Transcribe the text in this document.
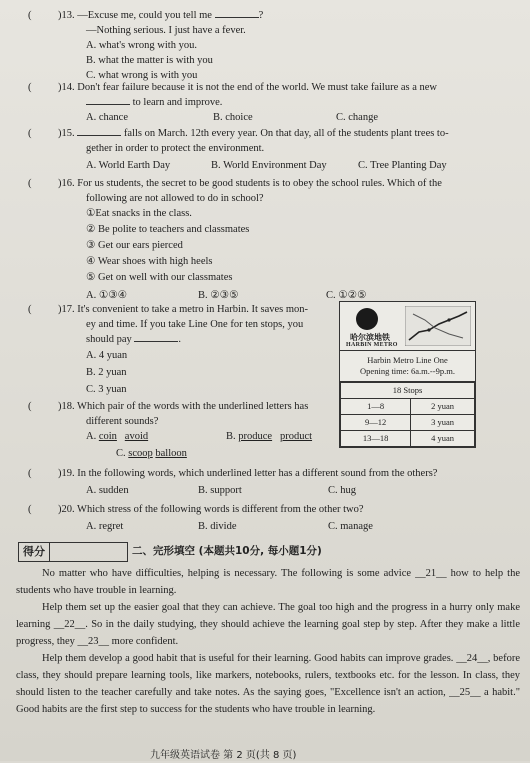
(	)13. —Excuse me, could you tell me	?
—Nothing serious. I just have a fever.
A. what's wrong with you.
B. what the matter is with you
C. what wrong is with you
(	)14. Don't fear failure because it is not the end of the world. We must take failure as a new
to learn and improve.
A. chance	B. choice	C. change
(	)15.	falls on March. 12th every year. On that day, all of the students plant trees to-
gether in order to protect the environment.
A. World Earth Day	B. World Environment Day	C. Tree Planting Day
(	)16. For us students, the secret to be good students is to obey the school rules. Which of the
following are not allowed to do in school?
①Eat snacks in the class.
② Be polite to teachers and classmates
③ Get our ears pierced
④ Wear shoes with high heels
⑤ Get on well with our classmates
A. ①③④	B. ②③⑤	C. ①②⑤
(	)17. It's convenient to take a metro in Harbin. It saves mon-
ey and time. If you take Line One for ten stops, you
should pay	.
A. 4 yuan
B. 2 yuan
C. 3 yuan
哈尔滨地铁
HARBIN METRO
Harbin Metro Line One
Opening time: 6a.m.--9p.m.
18 Stops	
1—8	2 yuan
9—12	3 yuan
13—18	4 yuan
(	)18. Which pair of the words with the underlined letters has
different sounds?
A. coin avoid	B. produce product
C. scoop balloon
(	)19. In the following words, which underlined letter has a different sound from the others?
A. sudden	B. support	C. hug
(	)20. Which stress of the following words is different from the other two?
A. regret	B. divide	C. manage
得分	二、完形填空 (本题共10分, 每小题1分)

No matter who have difficulties, helping is necessary. The following is some advice __21__ how to help the students who have trouble in learning.

Help them set up the easier goal that they can achieve. The goal too high and the progress in a hurry only make learning __22__. So in the daily studying, they should achieve the learning goal step by step. After they make a little progress, they __23__ more confident.

Help them develop a good habit that is useful for their learning. Good habits can improve grades. __24__, before class, they should prepare learning tools, like markers, notebooks, rulers, textbooks etc. for the lesson. In class, they should listen to the teacher carefully and take notes. As the saying goes, "Excellence isn't an action, __25__ a habit." Good habits are the first step to success for the students who have trouble in learning.

九年级英语试卷 第 2 页(共 8 页)
